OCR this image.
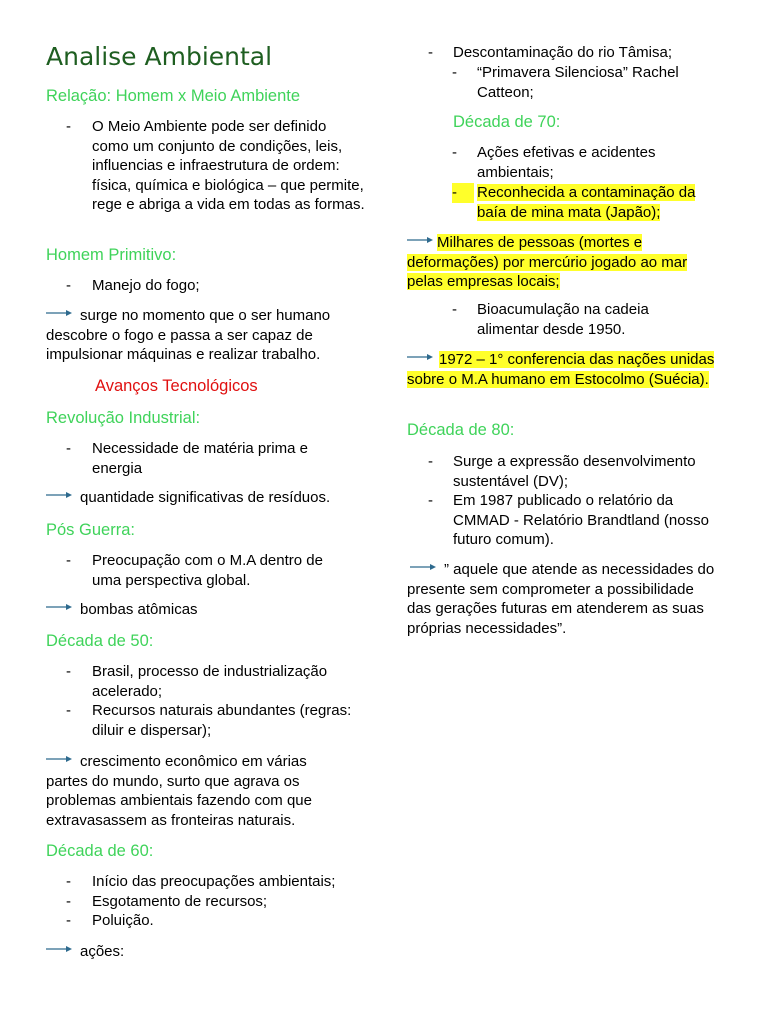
Analise Ambiental
Relação: Homem x Meio Ambiente
-	O Meio Ambiente pode ser definido como um conjunto de condições, leis, influencias e infraestrutura de ordem: física, química e biológica – que permite, rege e abriga a vida em todas as formas.
Homem Primitivo:
-	Manejo do fogo;
surge no momento que o ser humano descobre o fogo e passa a ser capaz de impulsionar máquinas e realizar trabalho.
Avanços Tecnológicos
Revolução Industrial:
-	Necessidade de matéria prima e energia
quantidade significativas de resíduos.
Pós Guerra:
-	Preocupação com o M.A dentro de uma perspectiva global.
bombas atômicas
Década de 50:
-	Brasil, processo de industrialização acelerado;
-	Recursos naturais abundantes (regras: diluir e dispersar);
crescimento econômico em várias partes do mundo, surto que agrava os problemas ambientais fazendo com que extravasassem as fronteiras naturais.
Década de 60:
-	Início das preocupações ambientais;
-	Esgotamento de recursos;
-	Poluição.
ações:
-	Descontaminação do rio Tâmisa;
-	“Primavera Silenciosa” Rachel Catteon;
Década de 70:
-	Ações efetivas e acidentes ambientais;
-	Reconhecida a contaminação da baía de mina mata (Japão);
Milhares de pessoas (mortes e deformações) por mercúrio jogado ao mar pelas empresas locais;
-	Bioacumulação na cadeia alimentar desde 1950.
1972 – 1° conferencia das nações unidas sobre o M.A humano em Estocolmo (Suécia).
Década de 80:
-	Surge a expressão desenvolvimento sustentável (DV);
-	Em 1987 publicado o relatório da CMMAD - Relatório Brandtland (nosso futuro comum).
” aquele que atende as necessidades do presente sem comprometer a possibilidade das gerações futuras em atenderem as suas próprias necessidades”.
